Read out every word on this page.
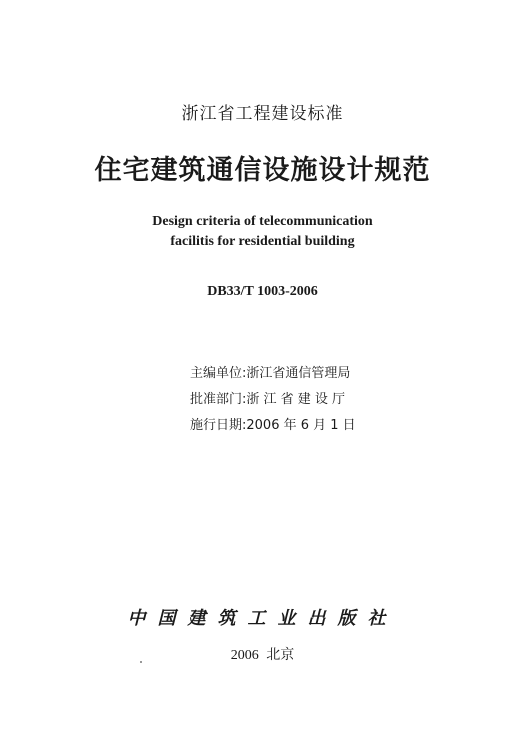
浙江省工程建设标准
住宅建筑通信设施设计规范
Design criteria of telecommunication
facilitis for residential building
DB33/T 1003-2006
主编单位:浙江省通信管理局
批准部门:浙 江 省 建 设 厅
施行日期:2006 年 6 月 1 日
中国建筑工业出版社
2006 北京
